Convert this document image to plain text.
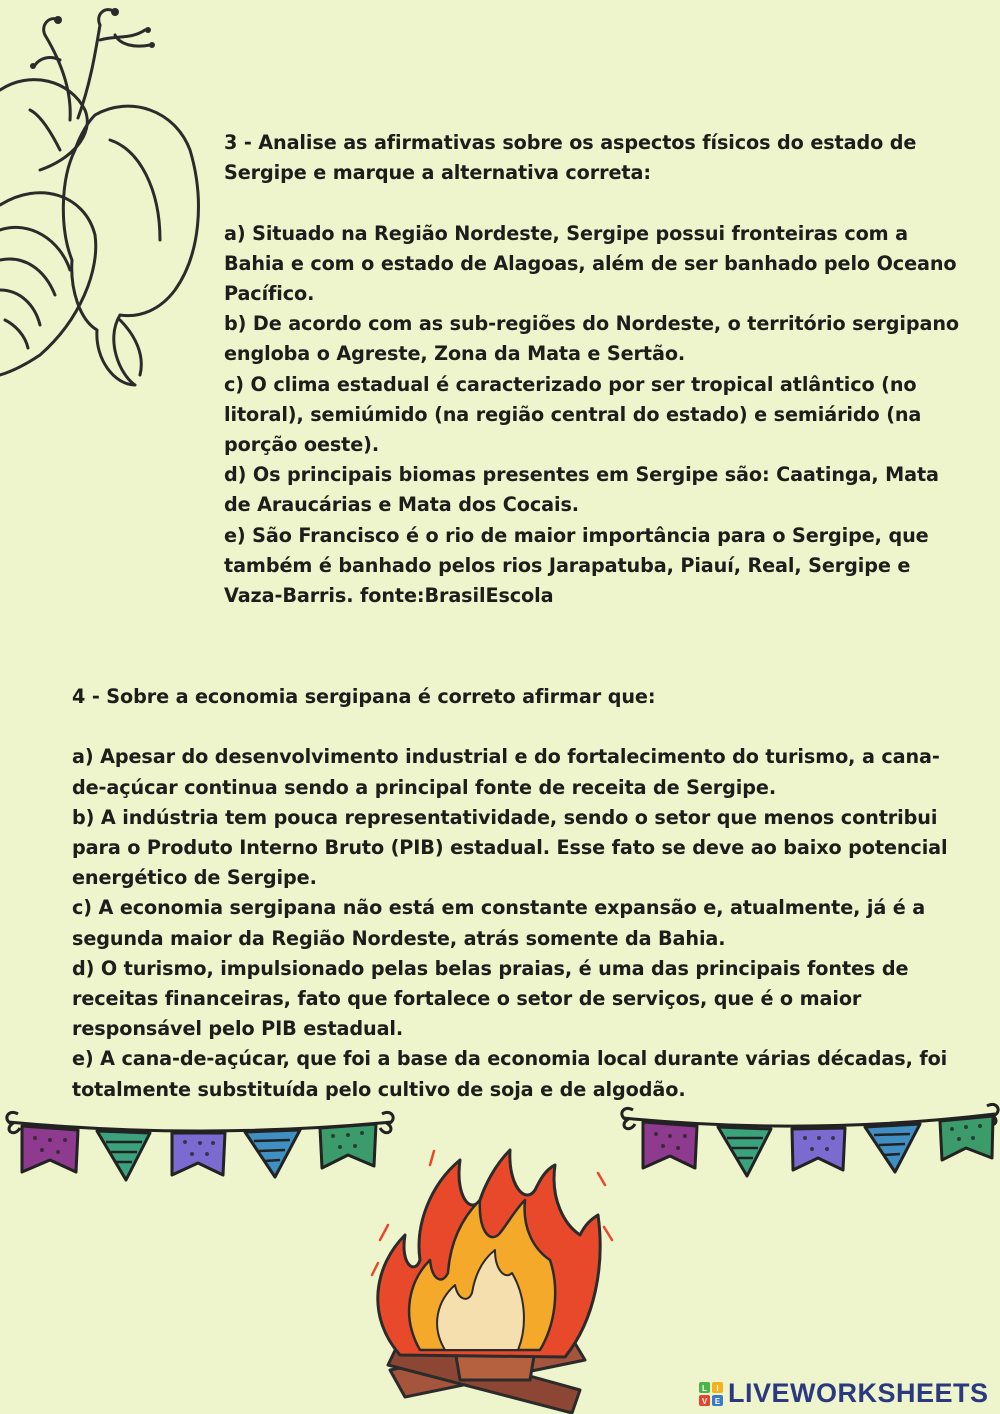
3 - Analise as afirmativas sobre os aspectos físicos do estado de Sergipe e marque a alternativa correta:

a) Situado na Região Nordeste, Sergipe possui fronteiras com a Bahia e com o estado de Alagoas, além de ser banhado pelo Oceano Pacífico.

b) De acordo com as sub-regiões do Nordeste, o território sergipano engloba o Agreste, Zona da Mata e Sertão.

c) O clima estadual é caracterizado por ser tropical atlântico (no litoral), semiúmido (na região central do estado) e semiárido (na porção oeste).

d) Os principais biomas presentes em Sergipe são: Caatinga, Mata de Araucárias e Mata dos Cocais.

e) São Francisco é o rio de maior importância para o Sergipe, que também é banhado pelos rios Jarapatuba, Piauí, Real, Sergipe e Vaza-Barris. fonte:BrasilEscola

4 - Sobre a economia sergipana é correto afirmar que:

a) Apesar do desenvolvimento industrial e do fortalecimento do turismo, a cana-de-açúcar continua sendo a principal fonte de receita de Sergipe.

b) A indústria tem pouca representatividade, sendo o setor que menos contribui para o Produto Interno Bruto (PIB) estadual. Esse fato se deve ao baixo potencial energético de Sergipe.

c) A economia sergipana não está em constante expansão e, atualmente, já é a segunda maior da Região Nordeste, atrás somente da Bahia.

d) O turismo, impulsionado pelas belas praias, é uma das principais fontes de receitas financeiras, fato que fortalece o setor de serviços, que é o maior responsável pelo PIB estadual.

e) A cana-de-açúcar, que foi a base da economia local durante várias décadas, foi totalmente substituída pelo cultivo de soja e de algodão.

L I
V E LIVEWORKSHEETS
